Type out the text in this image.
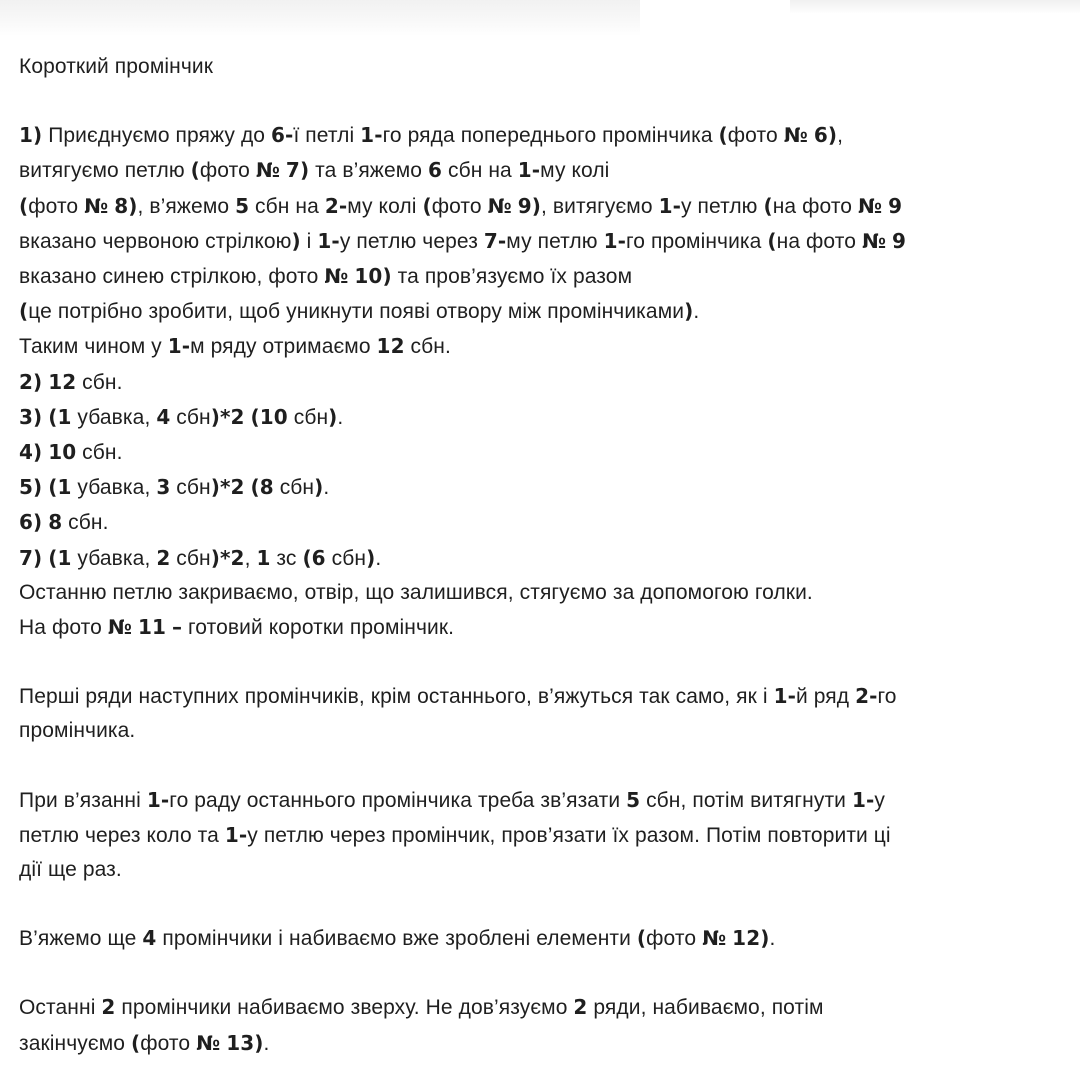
Короткий промінчик

1) Приєднуємо пряжу до 6-ї петлі 1-го ряда попереднього промінчика (фото № 6),
витягуємо петлю (фото № 7) та в’яжемо 6 сбн на 1-му колі
(фото № 8), в’яжемо 5 сбн на 2-му колі (фото № 9), витягуємо 1-у петлю (на фото № 9
вказано червоною стрілкою) і 1-у петлю через 7-му петлю 1-го промінчика (на фото № 9
вказано синею стрілкою, фото № 10) та пров’язуємо їх разом
(це потрібно зробити, щоб уникнути появі отвору між промінчиками).
Таким чином у 1-м ряду отримаємо 12 сбн.

2) 12 сбн.

3) (1 убавка, 4 сбн)*2 (10 сбн).

4) 10 сбн.

5) (1 убавка, 3 сбн)*2 (8 сбн).

6) 8 сбн.

7) (1 убавка, 2 сбн)*2, 1 зс (6 сбн).

Останню петлю закриваємо, отвір, що залишився, стягуємо за допомогою голки.

На фото № 11 – готовий коротки промінчик.

Перші ряди наступних промінчиків, крім останнього, в’яжуться так само, як і 1-й ряд 2-го
промінчика.

При в’язанні 1-го раду останнього промінчика треба зв’язати 5 сбн, потім витягнути 1-у
петлю через коло та 1-у петлю через промінчик, пров’язати їх разом. Потім повторити ці
дії ще раз.

В’яжемо ще 4 промінчики і набиваємо вже зроблені елементи (фото № 12).

Останні 2 промінчики набиваємо зверху. Не дов’язуємо 2 ряди, набиваємо, потім
закінчуємо (фото № 13).
